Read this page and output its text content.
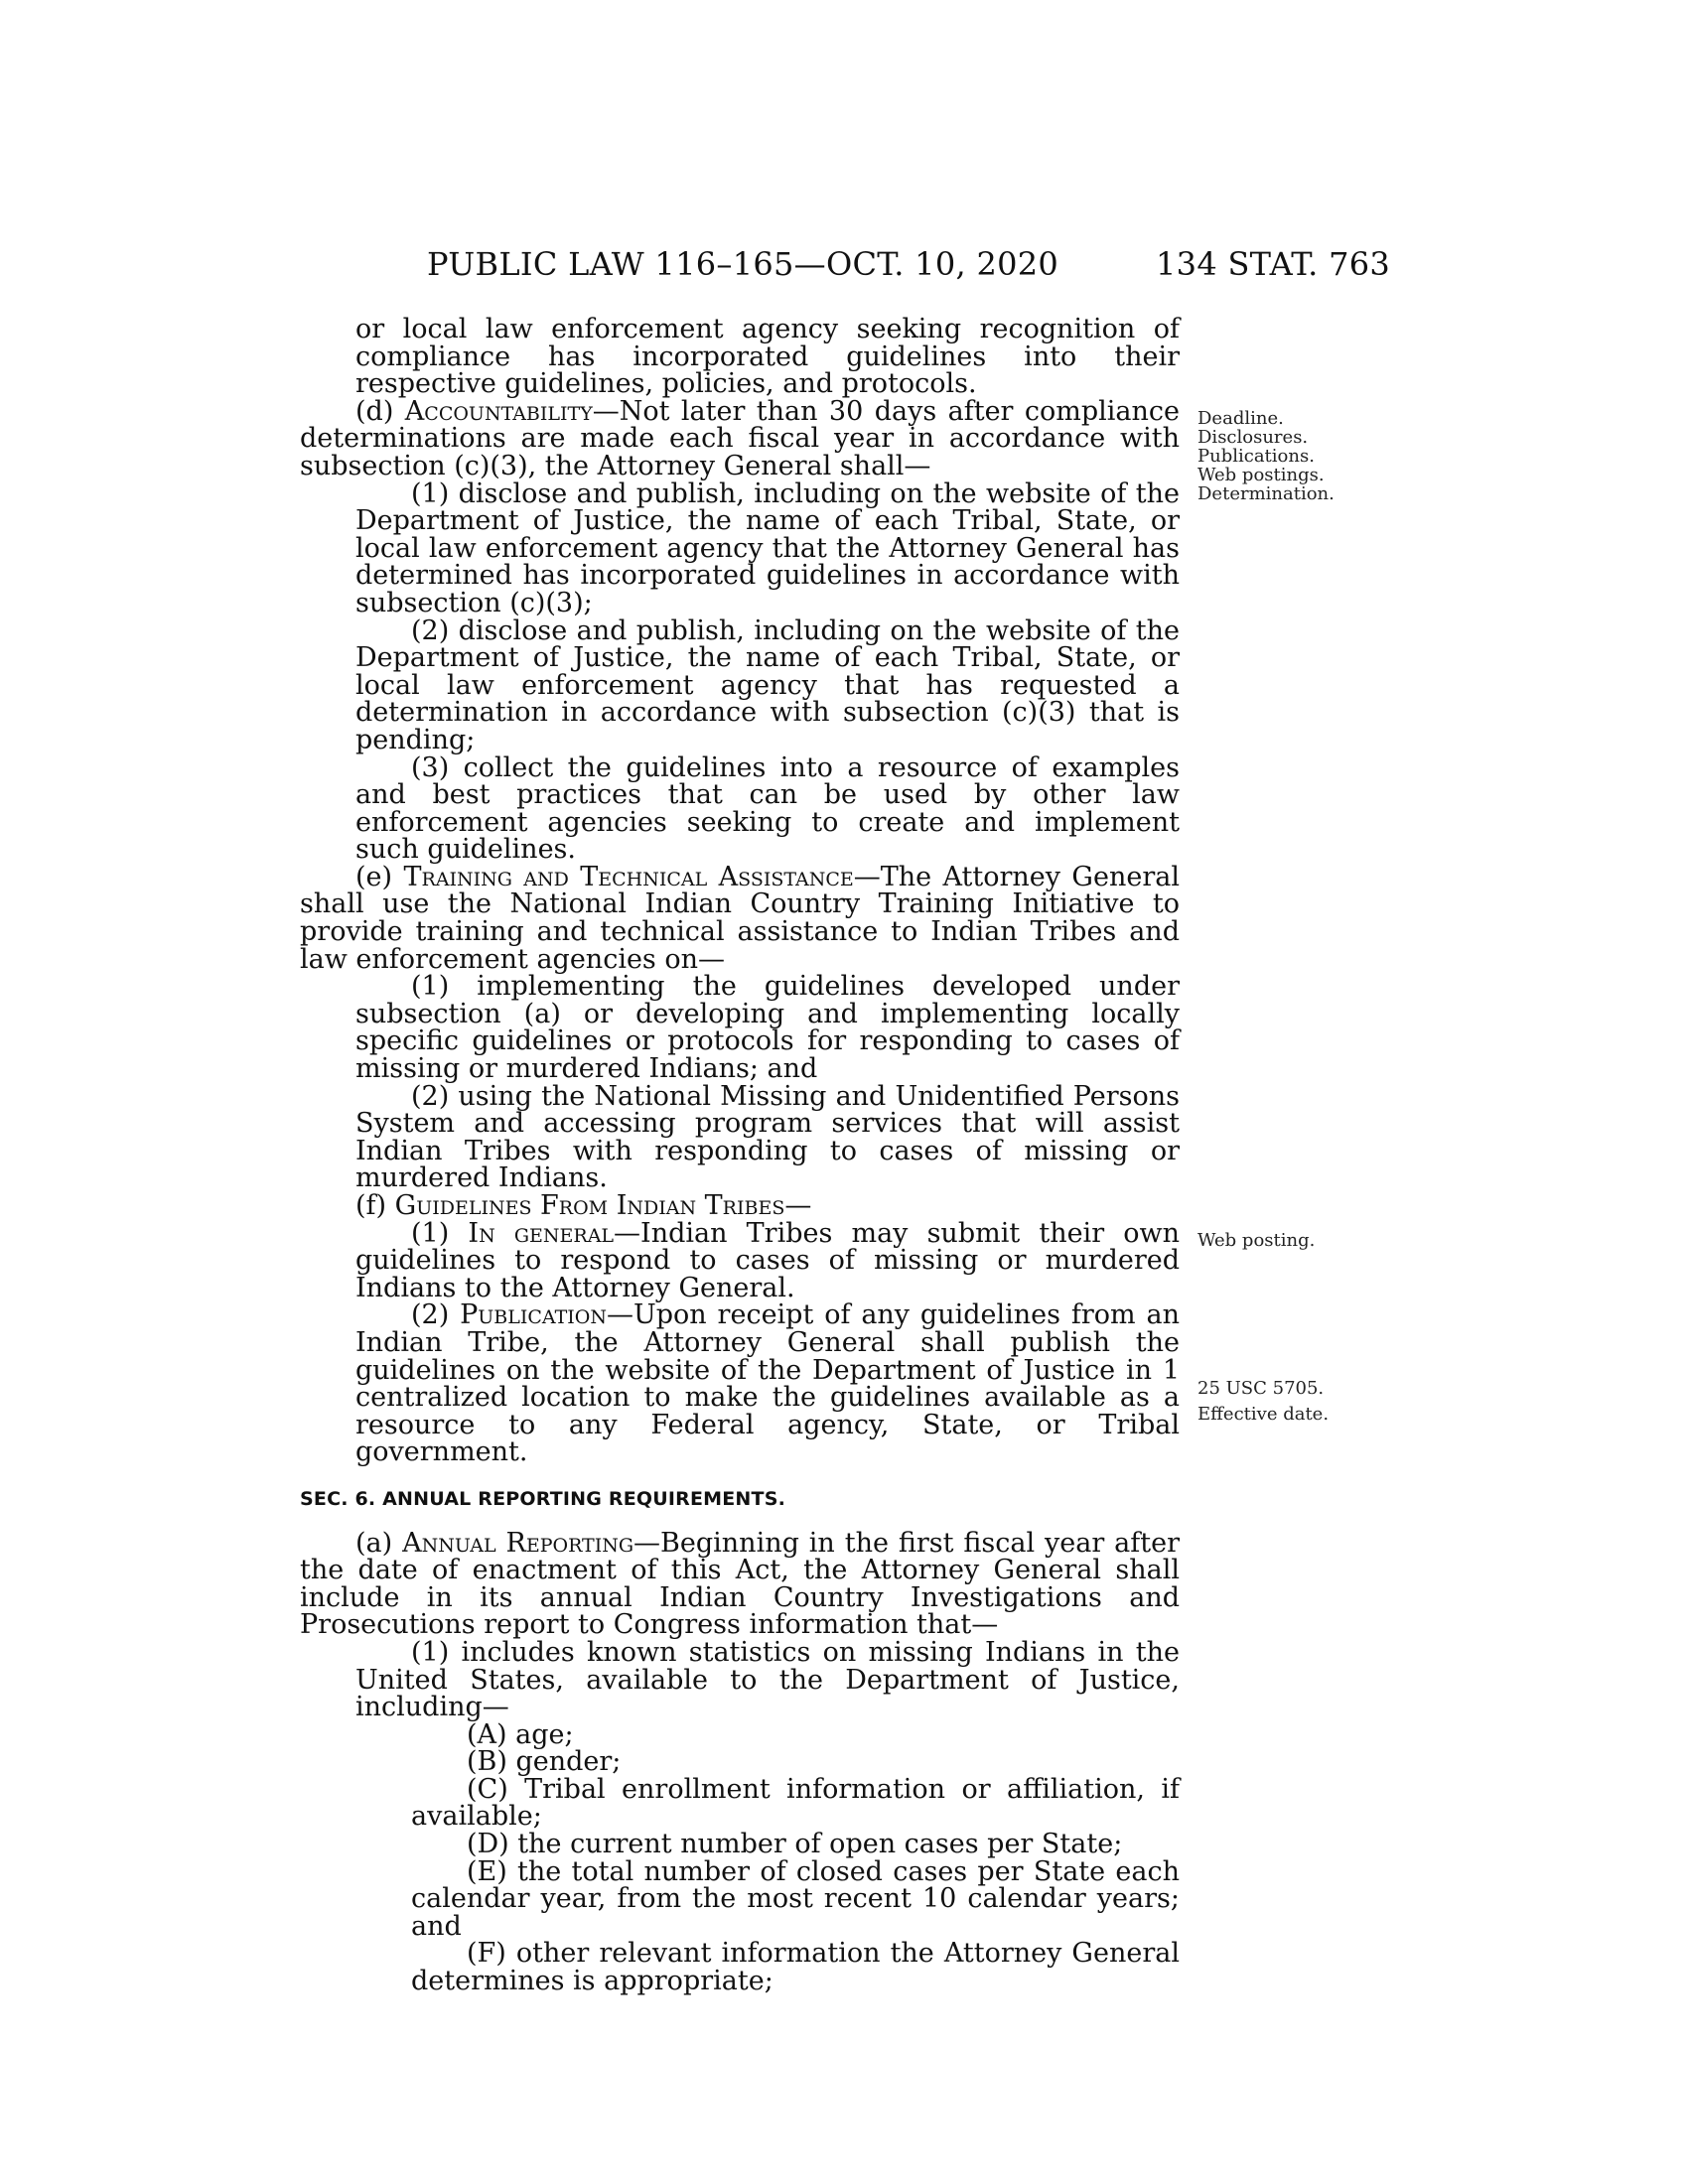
PUBLIC LAW 116–165—OCT. 10, 2020	134 STAT. 763
Deadline.
Disclosures.
Publications.
Web postings.
Determination.
Web posting.
25 USC 5705.
Effective date.

or local law enforcement agency seeking recognition of compliance has incorporated guidelines into their respective guidelines, policies, and protocols.

(d) Accountability—Not later than 30 days after compliance determinations are made each fiscal year in accordance with subsection (c)(3), the Attorney General shall—

(1) disclose and publish, including on the website of the Department of Justice, the name of each Tribal, State, or local law enforcement agency that the Attorney General has determined has incorporated guidelines in accordance with subsection (c)(3);

(2) disclose and publish, including on the website of the Department of Justice, the name of each Tribal, State, or local law enforcement agency that has requested a determination in accordance with subsection (c)(3) that is pending;

(3) collect the guidelines into a resource of examples and best practices that can be used by other law enforcement agencies seeking to create and implement such guidelines.

(e) Training and Technical Assistance—The Attorney General shall use the National Indian Country Training Initiative to provide training and technical assistance to Indian Tribes and law enforcement agencies on—

(1) implementing the guidelines developed under subsection (a) or developing and implementing locally specific guidelines or protocols for responding to cases of missing or murdered Indians; and

(2) using the National Missing and Unidentified Persons System and accessing program services that will assist Indian Tribes with responding to cases of missing or murdered Indians.

(f) Guidelines From Indian Tribes—

(1) In general—Indian Tribes may submit their own guidelines to respond to cases of missing or murdered Indians to the Attorney General.

(2) Publication—Upon receipt of any guidelines from an Indian Tribe, the Attorney General shall publish the guidelines on the website of the Department of Justice in 1 centralized location to make the guidelines available as a resource to any Federal agency, State, or Tribal government.

SEC. 6. ANNUAL REPORTING REQUIREMENTS.

(a) Annual Reporting—Beginning in the first fiscal year after the date of enactment of this Act, the Attorney General shall include in its annual Indian Country Investigations and Prosecutions report to Congress information that—

(1) includes known statistics on missing Indians in the United States, available to the Department of Justice, including—

(A) age;

(B) gender;

(C) Tribal enrollment information or affiliation, if available;

(D) the current number of open cases per State;

(E) the total number of closed cases per State each calendar year, from the most recent 10 calendar years; and

(F) other relevant information the Attorney General determines is appropriate;
